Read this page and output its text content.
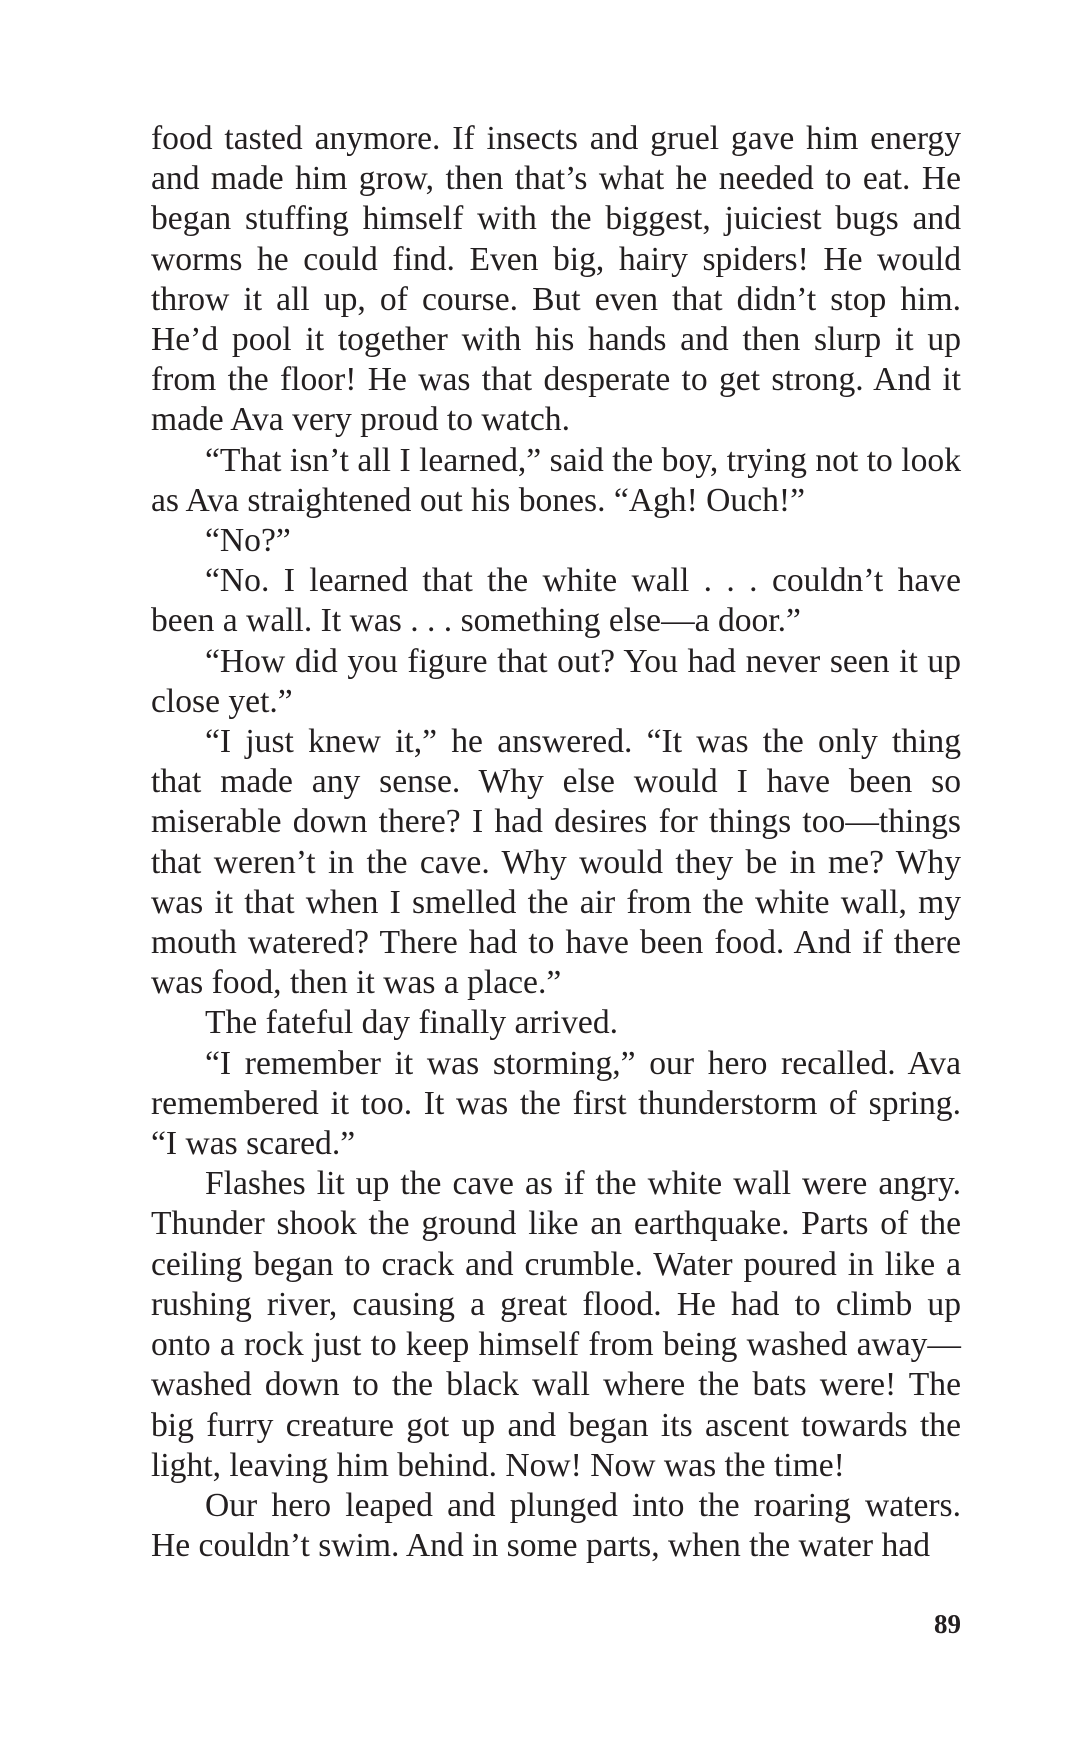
food tasted anymore. If insects and gruel gave him energy and made him grow, then that’s what he needed to eat. He began stuffing himself with the biggest, juiciest bugs and worms he could find. Even big, hairy spiders! He would throw it all up, of course. But even that didn’t stop him. He’d pool it together with his hands and then slurp it up from the floor! He was that desperate to get strong. And it made Ava very proud to watch.

“That isn’t all I learned,” said the boy, trying not to look as Ava straightened out his bones. “Agh! Ouch!”

“No?”

“No. I learned that the white wall . . . couldn’t have been a wall. It was . . . something else—a door.”

“How did you figure that out? You had never seen it up close yet.”

“I just knew it,” he answered. “It was the only thing that made any sense. Why else would I have been so miserable down there? I had desires for things too—things that weren’t in the cave. Why would they be in me? Why was it that when I smelled the air from the white wall, my mouth watered? There had to have been food. And if there was food, then it was a place.”

The fateful day finally arrived.

“I remember it was storming,” our hero recalled. Ava remembered it too. It was the first thunderstorm of spring. “I was scared.”

Flashes lit up the cave as if the white wall were angry. Thunder shook the ground like an earthquake. Parts of the ceiling began to crack and crumble. Water poured in like a rushing river, causing a great flood. He had to climb up onto a rock just to keep himself from being washed away—washed down to the black wall where the bats were! The big furry creature got up and began its ascent towards the light, leaving him behind. Now! Now was the time!

Our hero leaped and plunged into the roaring waters. He couldn’t swim. And in some parts, when the water had

89
